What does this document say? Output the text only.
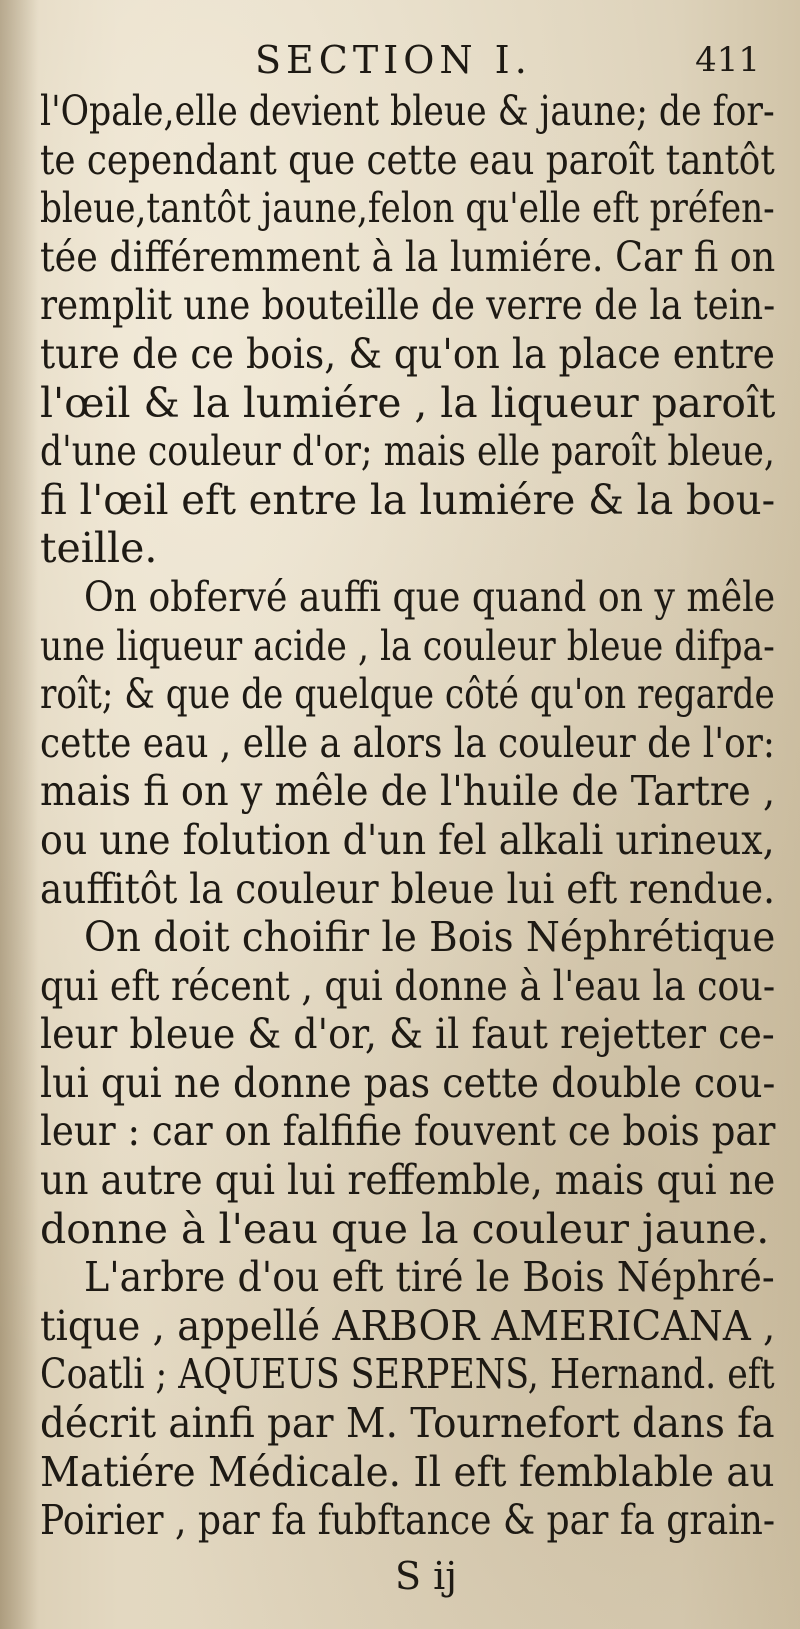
SECTION I.	411
l'Opale,elle devient bleue & jaune; de for-
te cependant que cette eau paroît tantôt
bleue,tantôt jaune,felon qu'elle eft préfen-
tée différemment à la lumiére. Car fi on
remplit une bouteille de verre de la tein-
ture de ce bois, & qu'on la place entre
l'œil & la lumiére , la liqueur paroît
d'une couleur d'or; mais elle paroît bleue,
fi l'œil eft entre la lumiére & la bou-
teille.
On obfervé auffi que quand on y mêle
une liqueur acide , la couleur bleue difpa-
roît; & que de quelque côté qu'on regarde
cette eau , elle a alors la couleur de l'or:
mais fi on y mêle de l'huile de Tartre ,
ou une folution d'un fel alkali urineux,
auffitôt la couleur bleue lui eft rendue.
On doit choifir le Bois Néphrétique
qui eft récent , qui donne à l'eau la cou-
leur bleue & d'or, & il faut rejetter ce-
lui qui ne donne pas cette double cou-
leur : car on falfifie fouvent ce bois par
un autre qui lui reffemble, mais qui ne
donne à l'eau que la couleur jaune.
L'arbre d'ou eft tiré le Bois Néphré-
tique , appellé ARBOR AMERICANA ,
Coatli ; AQUEUS SERPENS, Hernand. eft
décrit ainfi par M. Tournefort dans fa
Matiére Médicale. Il eft femblable au
Poirier , par fa fubftance & par fa grain-
S ij
